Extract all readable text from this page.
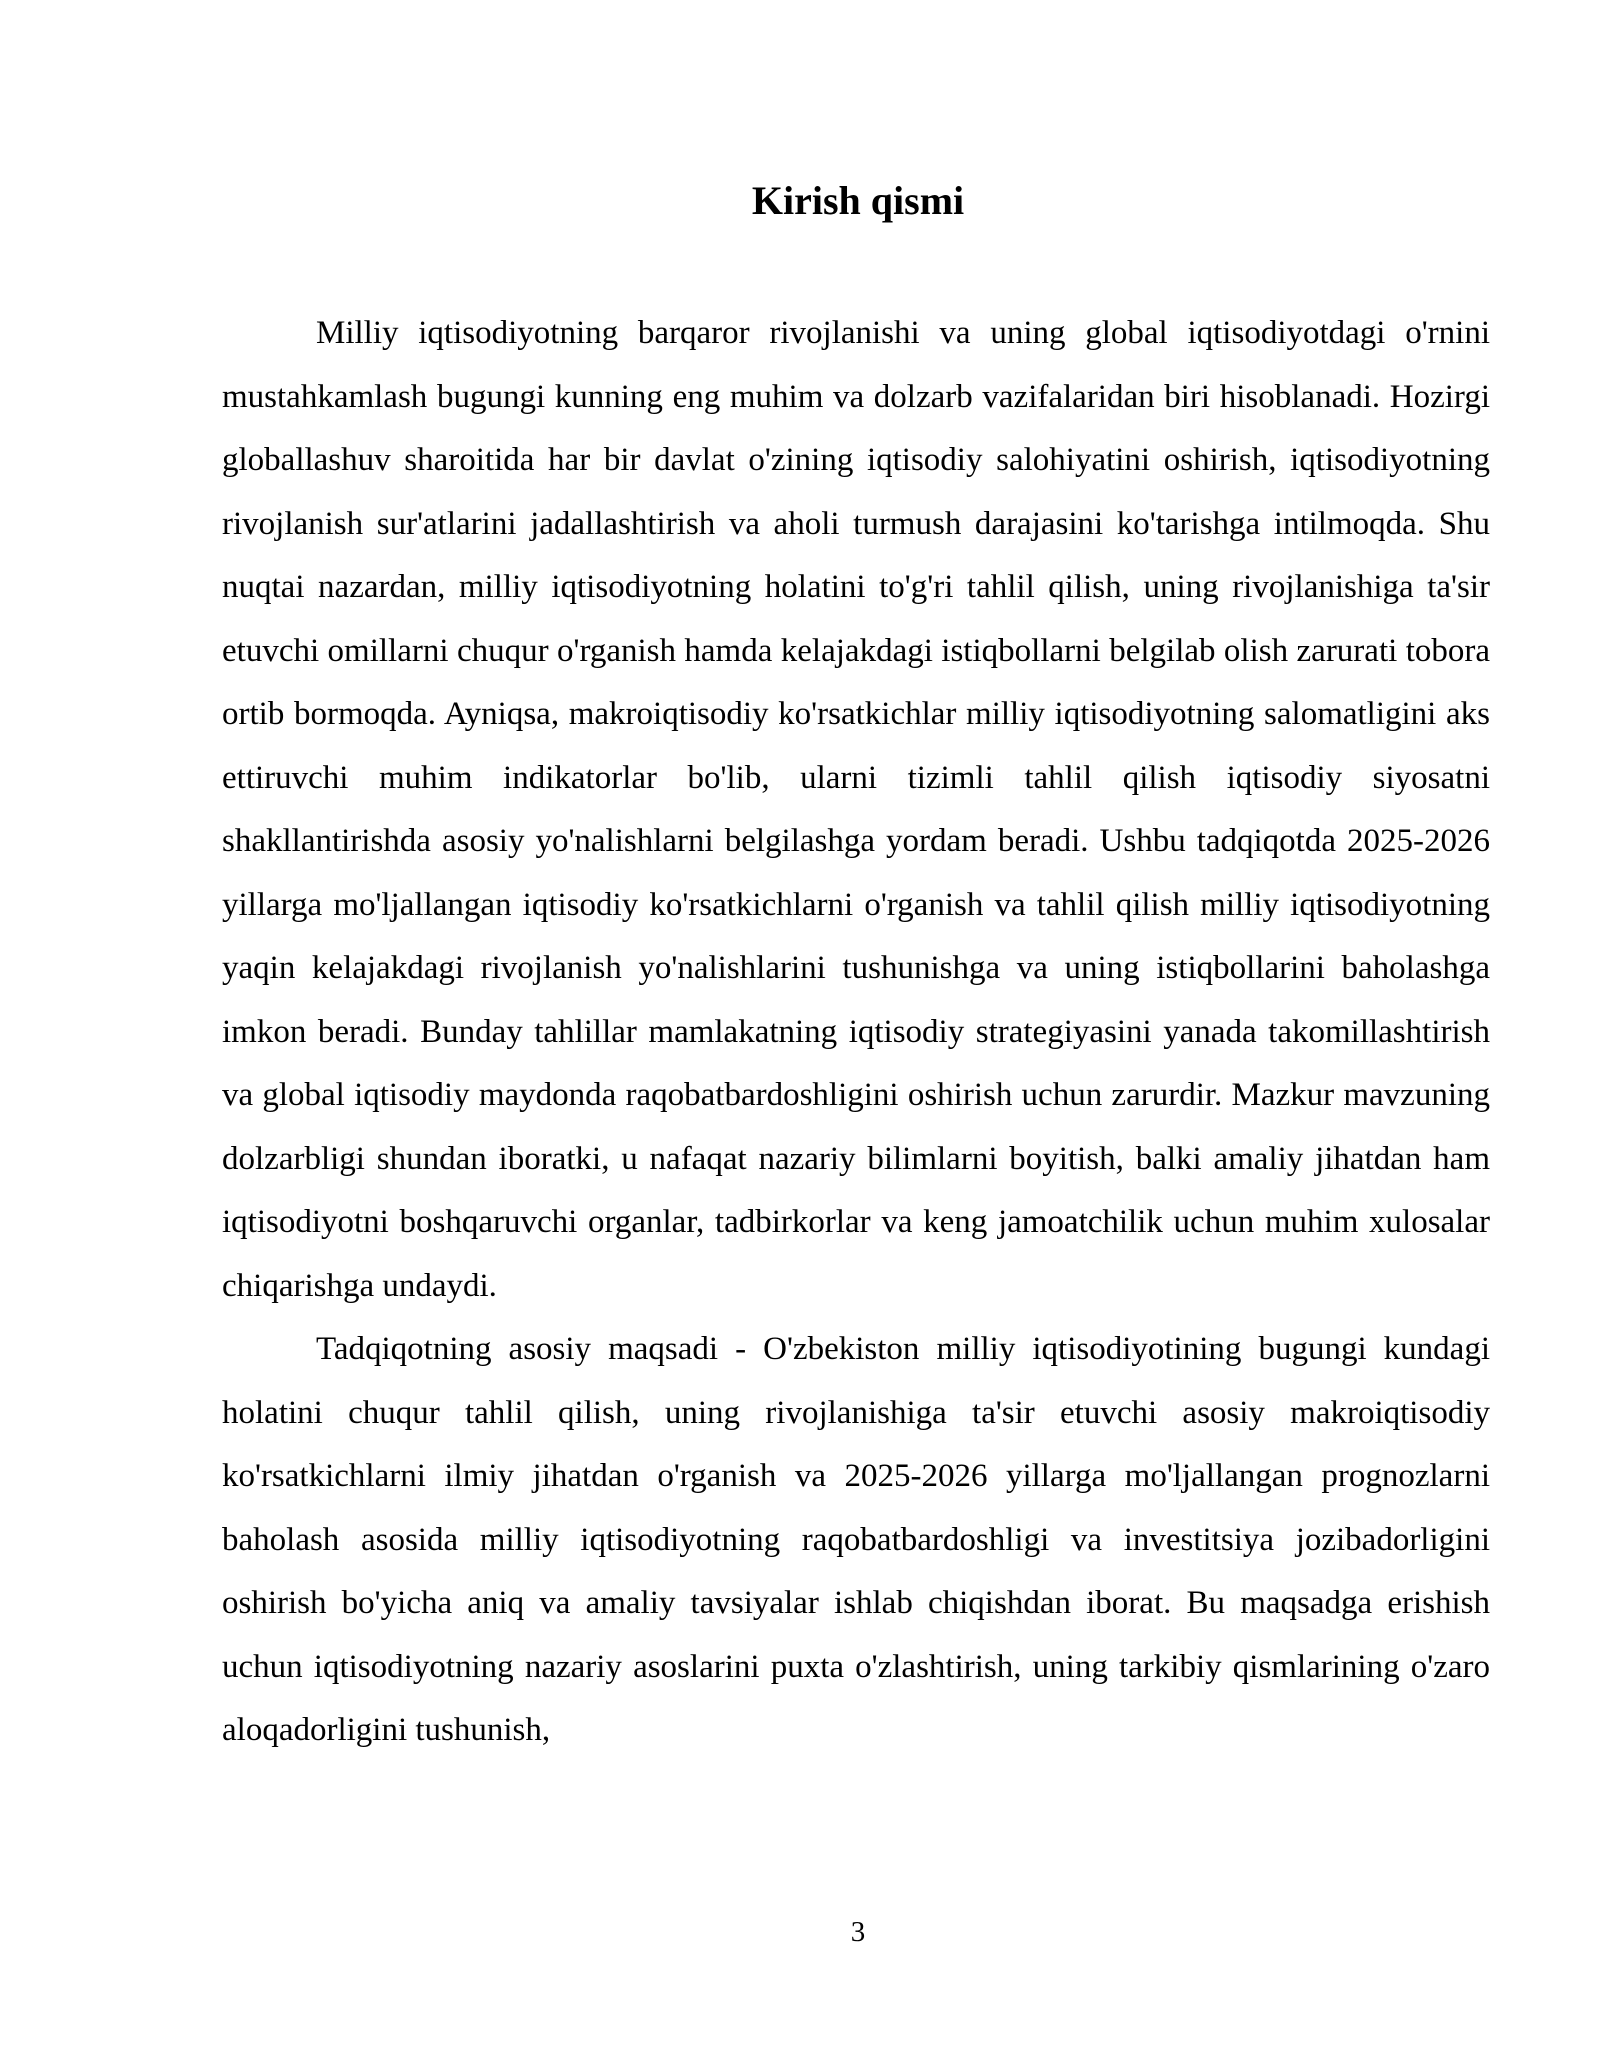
Kirish qismi

Milliy iqtisodiyotning barqaror rivojlanishi va uning global iqtisodiyotdagi o'rnini mustahkamlash bugungi kunning eng muhim va dolzarb vazifalaridan biri hisoblanadi. Hozirgi globallashuv sharoitida har bir davlat o'zining iqtisodiy salohiyatini oshirish, iqtisodiyotning rivojlanish sur'atlarini jadallashtirish va aholi turmush darajasini ko'tarishga intilmoqda. Shu nuqtai nazardan, milliy iqtisodiyotning holatini to'g'ri tahlil qilish, uning rivojlanishiga ta'sir etuvchi omillarni chuqur o'rganish hamda kelajakdagi istiqbollarni belgilab olish zarurati tobora ortib bormoqda. Ayniqsa, makroiqtisodiy ko'rsatkichlar milliy iqtisodiyotning salomatligini aks ettiruvchi muhim indikatorlar bo'lib, ularni tizimli tahlil qilish iqtisodiy siyosatni shakllantirishda asosiy yo'nalishlarni belgilashga yordam beradi. Ushbu tadqiqotda 2025-2026 yillarga mo'ljallangan iqtisodiy ko'rsatkichlarni o'rganish va tahlil qilish milliy iqtisodiyotning yaqin kelajakdagi rivojlanish yo'nalishlarini tushunishga va uning istiqbollarini baholashga imkon beradi. Bunday tahlillar mamlakatning iqtisodiy strategiyasini yanada takomillashtirish va global iqtisodiy maydonda raqobatbardoshligini oshirish uchun zarurdir. Mazkur mavzuning dolzarbligi shundan iboratki, u nafaqat nazariy bilimlarni boyitish, balki amaliy jihatdan ham iqtisodiyotni boshqaruvchi organlar, tadbirkorlar va keng jamoatchilik uchun muhim xulosalar chiqarishga undaydi.

Tadqiqotning asosiy maqsadi - O'zbekiston milliy iqtisodiyotining bugungi kundagi holatini chuqur tahlil qilish, uning rivojlanishiga ta'sir etuvchi asosiy makroiqtisodiy ko'rsatkichlarni ilmiy jihatdan o'rganish va 2025-2026 yillarga mo'ljallangan prognozlarni baholash asosida milliy iqtisodiyotning raqobatbardoshligi va investitsiya jozibadorligini oshirish bo'yicha aniq va amaliy tavsiyalar ishlab chiqishdan iborat. Bu maqsadga erishish uchun iqtisodiyotning nazariy asoslarini puxta o'zlashtirish, uning tarkibiy qismlarining o'zaro aloqadorligini tushunish,

3
